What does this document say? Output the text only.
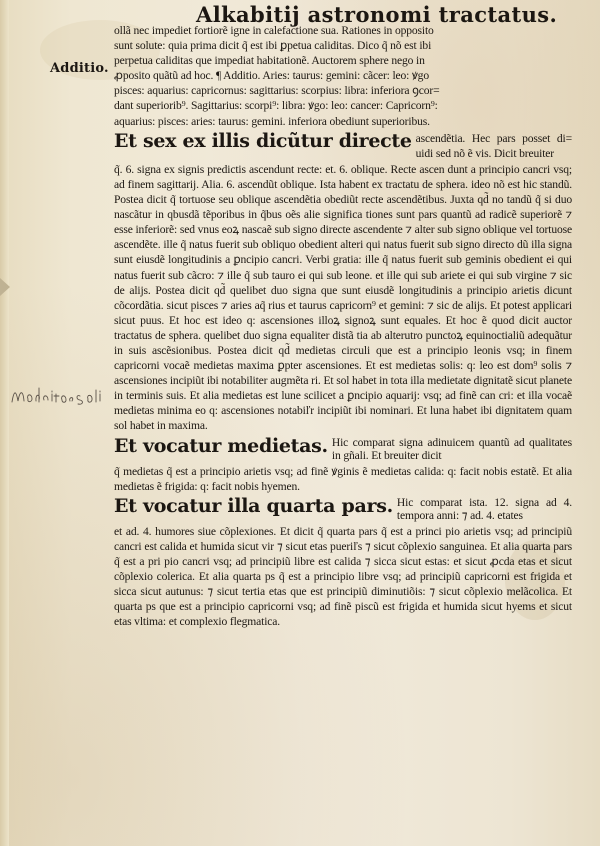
Alkabitij astronomi tractatus.
Additio.

ollã nec impediet fortiorẽ igne in calefactione sua. Rationes in opposito

sunt solute: quia prima dicit q̃ est ibi ꝑpetua caliditas. Dico q̃ nõ est ibi

perpetua caliditas que impediat habitationẽ. Auctorem sphere nego in

ꝓposito quãtũ ad hoc. ¶ Additio. Aries: taurus: gemini: cãcer: leo: ꝟgo

pisces: aquarius: capricornus: sagittarius: scorpius: libra: inferiora ꝯcor=

dant superiorib⁹. Sagittarius: scorpi⁹: libra: ꝟgo: leo: cancer: Capricorn⁹:

aquarius: pisces: aries: taurus: gemini. inferiora obediunt superioribus.

Et sex ex illis dicũtur directe ascendẽtia. Hec pars posset di= uidi sed nõ ẽ vis. Dicit breuiter

q̃. 6. signa ex signis predictis ascendunt recte: et. 6. oblique. Recte ascen dunt a principio cancri vsq; ad finem sagittarij. Alia. 6. ascendũt oblique. Ista habent ex tractatu de sphera. ideo nõ est hic standũ. Postea dicit q̃ tortuose seu oblique ascendẽtia obediũt recte ascendẽtibus. Juxta qd̃ no tandũ q̃ si duo nascãtur in qbusdã tẽporibus in q̃bus oẽs alie significa tiones sunt pars quantũ ad radicẽ superiorẽ ⁊ esse inferiorẽ: sed vnus eoꝝ nascaẽ sub signo directe ascendente ⁊ alter sub signo oblique vel tortuose ascendẽte. ille q̃ natus fuerit sub obliquo obedient alteri qui natus fuerit sub signo directo dũ illa signa sunt eiusdẽ longitudinis a ꝑncipio cancri. Verbi gratia: ille q̃ natus fuerit sub geminis obedient ei qui natus fuerit sub cãcro: ⁊ ille q̃ sub tauro ei qui sub leone. et ille qui sub ariete ei qui sub virgine ⁊ sic de alijs. Postea dicit qd̃ quelibet duo signa que sunt eiusdẽ longitudinis a principio arietis dicunt cõcordãtia. sicut pisces ⁊ aries aq̃ rius et taurus capricorn⁹ et gemini: ⁊ sic de alijs. Et potest applicari sicut puus. Et hoc est ideo q: ascensiones illoꝝ signoꝝ sunt equales. Et hoc ẽ quod dicit auctor tractatus de sphera. quelibet duo signa equaliter distã tia ab alterutro punctoꝝ equinoctialiũ adequãtur in suis ascẽsionibus. Postea dicit qd̃ medietas circuli que est a principio leonis vsq; in finem capricorni vocaẽ medietas maxima ꝑpter ascensiones. Et est medietas solis: q: leo est dom⁹ solis ⁊ ascensiones incipiũt ibi notabiliter augmẽta ri. Et sol habet in tota illa medietate dignitatẽ sicut planete in terminis suis. Et alia medietas est lune scilicet a ꝑncipio aquarij: vsq; ad finẽ can cri: et illa vocaẽ medietas minima eo q: ascensiones notabiľr incipiũt ibi nominari. Et luna habet ibi dignitatem quam sol habet in maxima.

Et vocatur medietas. Hic comparat signa adinuicem quantũ ad qualitates in gñali. Et breuiter dicit

q̃ medietas q̃ est a principio arietis vsq; ad finẽ ꝟginis ẽ medietas calida: q: facit nobis estatẽ. Et alia medietas ẽ frigida: q: facit nobis hyemen.

Et vocatur illa quarta pars. Hic comparat ista. 12. signa ad 4. tempora anni: ⁊ ad. 4. etates

et ad. 4. humores siue cõplexiones. Et dicit q̃ quarta pars q̃ est a princi pio arietis vsq; ad principiũ cancri est calida et humida sicut vir ⁊ sicut etas pueriľs ⁊ sicut cõplexio sanguinea. Et alia quarta pars q̃ est a pri pio cancri vsq; ad principiũ libre est calida ⁊ sicca sicut estas: et sicut ꝓcda etas et sicut cõplexio colerica. Et alia quarta ps q̃ est a principio libre vsq; ad principiũ capricorni est frigida et sicca sicut autunus: ⁊ sicut tertia etas que est principiũ diminutiõis: ⁊ sicut cõplexio melãcolica. Et quarta ps que est a principio capricorni vsq; ad finẽ piscũ est frigida et humida sicut hyems et sicut etas vltima: et complexio flegmatica.
